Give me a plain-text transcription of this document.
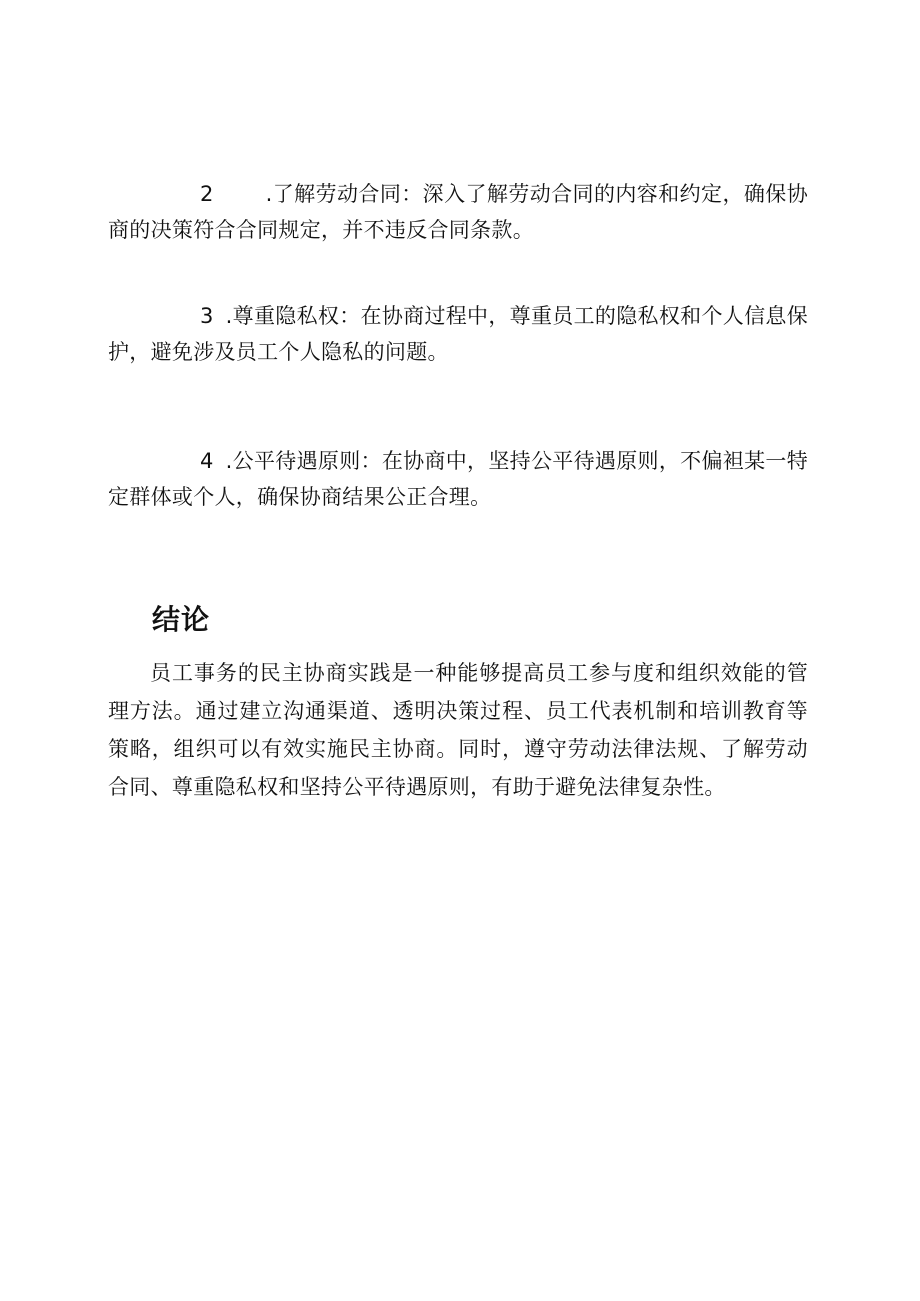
2 .了解劳动合同：深入了解劳动合同的内容和约定，确保协商的决策符合合同规定，并不违反合同条款。

3 .尊重隐私权：在协商过程中，尊重员工的隐私权和个人信息保护，避免涉及员工个人隐私的问题。

4 .公平待遇原则：在协商中，坚持公平待遇原则，不偏袒某一特定群体或个人，确保协商结果公正合理。

结论

员工事务的民主协商实践是一种能够提高员工参与度和组织效能的管理方法。通过建立沟通渠道、透明决策过程、员工代表机制和培训教育等策略，组织可以有效实施民主协商。同时，遵守劳动法律法规、了解劳动合同、尊重隐私权和坚持公平待遇原则，有助于避免法律复杂性。
